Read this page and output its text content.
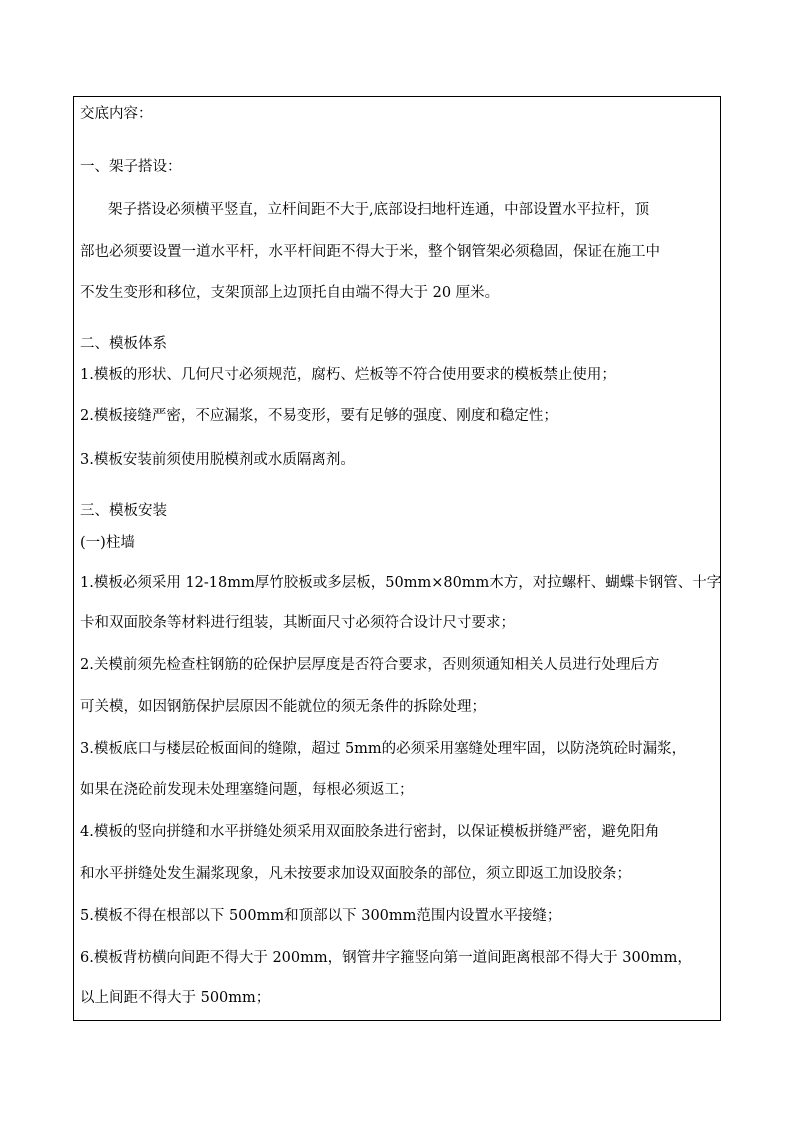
交底内容：
一、架子搭设：
架子搭设必须横平竖直，立杆间距不大于,底部设扫地杆连通，中部设置水平拉杆，顶
部也必须要设置一道水平杆，水平杆间距不得大于米，整个钢管架必须稳固，保证在施工中
不发生变形和移位，支架顶部上边顶托自由端不得大于 20 厘米。
二、模板体系
1.模板的形状、几何尺寸必须规范，腐朽、烂板等不符合使用要求的模板禁止使用；
2.模板接缝严密，不应漏浆，不易变形，要有足够的强度、刚度和稳定性；
3.模板安装前须使用脱模剂或水质隔离剂。
三、模板安装
(一)柱墙
1.模板必须采用 12-18mm厚竹胶板或多层板，50mm×80mm木方，对拉螺杆、蝴蝶卡钢管、十字
卡和双面胶条等材料进行组装，其断面尺寸必须符合设计尺寸要求；
2.关模前须先检查柱钢筋的砼保护层厚度是否符合要求，否则须通知相关人员进行处理后方
可关模，如因钢筋保护层原因不能就位的须无条件的拆除处理；
3.模板底口与楼层砼板面间的缝隙，超过 5mm的必须采用塞缝处理牢固，以防浇筑砼时漏浆，
如果在浇砼前发现未处理塞缝问题，每根必须返工；
4.模板的竖向拼缝和水平拼缝处须采用双面胶条进行密封，以保证模板拼缝严密，避免阳角
和水平拼缝处发生漏浆现象，凡未按要求加设双面胶条的部位，须立即返工加设胶条；
5.模板不得在根部以下 500mm和顶部以下 300mm范围内设置水平接缝；
6.模板背枋横向间距不得大于 200mm，钢管井字箍竖向第一道间距离根部不得大于 300mm，
以上间距不得大于 500mm；
